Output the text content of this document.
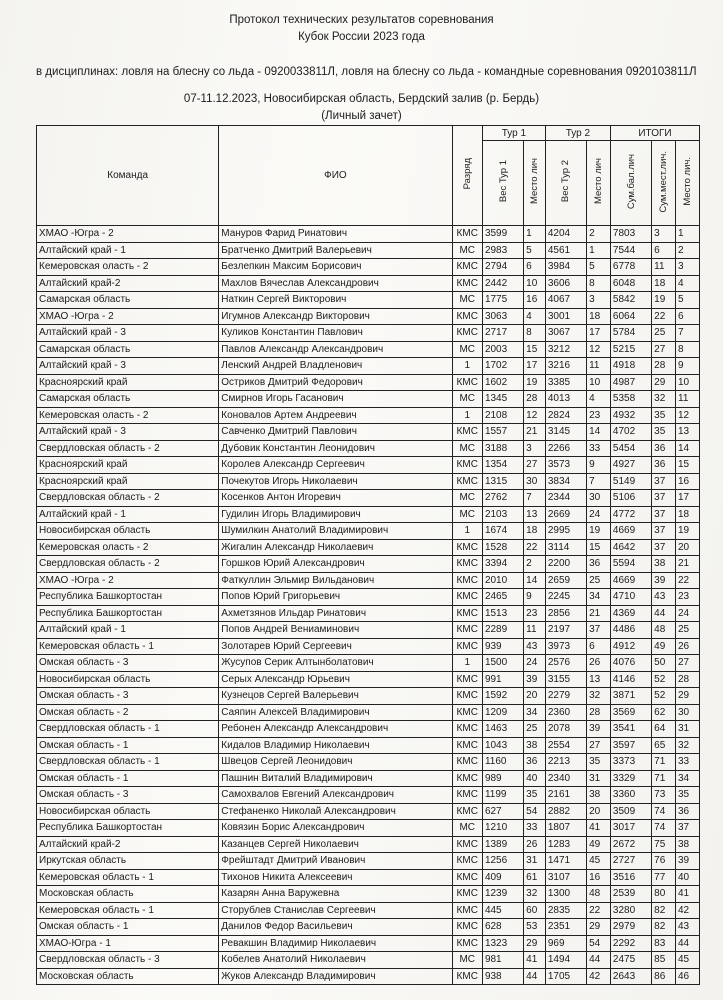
Протокол технических результатов соревнования
Кубок России 2023 года
в дисциплинах: ловля на блесну со льда - 0920033811Л, ловля на блесну со льда - командные соревнования 0920103811Л
07-11.12.2023, Новосибирская область, Бердский залив (р. Бердь)
(Личный зачет)
Команда	ФИО	Разряд	Тур 1		Тур 2		ИТОГИ		
			Вес Тур 1	Место лич	Вес Тур 2	Место лич	Сум.бал.лич	Сум.мест.лич.	Место лич.
ХМАО -Югра - 2	Мануров Фарид Ринатович	КМС	3599	1	4204	2	7803	3	1
Алтайский край - 1	Братченко Дмитрий Валерьевич	МС	2983	5	4561	1	7544	6	2
Кемеровская оласть - 2	Безлепкин Максим Борисович	КМС	2794	6	3984	5	6778	11	3
Алтайский край-2	Махлов Вячеслав Александрович	КМС	2442	10	3606	8	6048	18	4
Самарская область	Наткин Сергей Викторович	МС	1775	16	4067	3	5842	19	5
ХМАО -Югра - 2	Игумнов Александр Викторович	КМС	3063	4	3001	18	6064	22	6
Алтайский край - 3	Куликов Константин Павлович	КМС	2717	8	3067	17	5784	25	7
Самарская область	Павлов Александр Александрович	МС	2003	15	3212	12	5215	27	8
Алтайский край - 3	Ленский Андрей Владленович	1	1702	17	3216	11	4918	28	9
Красноярский край	Остриков Дмитрий Федорович	КМС	1602	19	3385	10	4987	29	10
Самарская область	Смирнов Игорь Гасанович	МС	1345	28	4013	4	5358	32	11
Кемеровская оласть - 2	Коновалов Артем Андреевич	1	2108	12	2824	23	4932	35	12
Алтайский край - 3	Савченко Дмитрий Павлович	КМС	1557	21	3145	14	4702	35	13
Свердловская область - 2	Дубовик Константин Леонидович	МС	3188	3	2266	33	5454	36	14
Красноярский край	Королев Александр Сергеевич	КМС	1354	27	3573	9	4927	36	15
Красноярский край	Почекутов Игорь Николаевич	КМС	1315	30	3834	7	5149	37	16
Свердловская область - 2	Косенков Антон Игоревич	МС	2762	7	2344	30	5106	37	17
Алтайский край - 1	Гудилин Игорь Владимирович	МС	2103	13	2669	24	4772	37	18
Новосибирская область	Шумилкин Анатолий Владимирович	1	1674	18	2995	19	4669	37	19
Кемеровская оласть - 2	Жигалин Александр Николаевич	КМС	1528	22	3114	15	4642	37	20
Свердловская область - 2	Горшков Юрий Александрович	КМС	3394	2	2200	36	5594	38	21
ХМАО -Югра - 2	Фаткуллин Эльмир Вильданович	КМС	2010	14	2659	25	4669	39	22
Республика Башкортостан	Попов Юрий Григорьевич	КМС	2465	9	2245	34	4710	43	23
Республика Башкортостан	Ахметзянов Ильдар Ринатович	КМС	1513	23	2856	21	4369	44	24
Алтайский край - 1	Попов Андрей Вениаминович	КМС	2289	11	2197	37	4486	48	25
Кемеровская область - 1	Золотарев Юрий Сергеевич	КМС	939	43	3973	6	4912	49	26
Омская область - 3	Жусупов Серик Алтынболатович	1	1500	24	2576	26	4076	50	27
Новосибирская область	Серых Александр Юрьевич	КМС	991	39	3155	13	4146	52	28
Омская область - 3	Кузнецов Сергей Валерьевич	КМС	1592	20	2279	32	3871	52	29
Омская область - 2	Саяпин Алексей Владимирович	КМС	1209	34	2360	28	3569	62	30
Свердловская область - 1	Ребонен Александр Александрович	КМС	1463	25	2078	39	3541	64	31
Омская область - 1	Кидалов Владимир Николаевич	КМС	1043	38	2554	27	3597	65	32
Свердловская область - 1	Швецов Сергей Леонидович	КМС	1160	36	2213	35	3373	71	33
Омская область - 1	Пашнин Виталий Владимирович	КМС	989	40	2340	31	3329	71	34
Омская область - 3	Самохвалов Евгений Александрович	КМС	1199	35	2161	38	3360	73	35
Новосибирская область	Стефаненко Николай Александрович	КМС	627	54	2882	20	3509	74	36
Республика Башкортостан	Ковязин Борис Александрович	МС	1210	33	1807	41	3017	74	37
Алтайский край-2	Казанцев Сергей Николаевич	КМС	1389	26	1283	49	2672	75	38
Иркутская область	Фрейштадт Дмитрий Иванович	КМС	1256	31	1471	45	2727	76	39
Кемеровская область - 1	Тихонов Никита Алексеевич	КМС	409	61	3107	16	3516	77	40
Московская область	Казарян Анна Варужевна	КМС	1239	32	1300	48	2539	80	41
Кемеровская область - 1	Сторублев Станислав Сергеевич	КМС	445	60	2835	22	3280	82	42
Омская область - 1	Данилов Федор Васильевич	КМС	628	53	2351	29	2979	82	43
ХМАО-Югра - 1	Ревакшин Владимир Николаевич	КМС	1323	29	969	54	2292	83	44
Свердловская область - 3	Кобелев Анатолий Николаевич	МС	981	41	1494	44	2475	85	45
Московская область	Жуков Александр Владимирович	КМС	938	44	1705	42	2643	86	46
